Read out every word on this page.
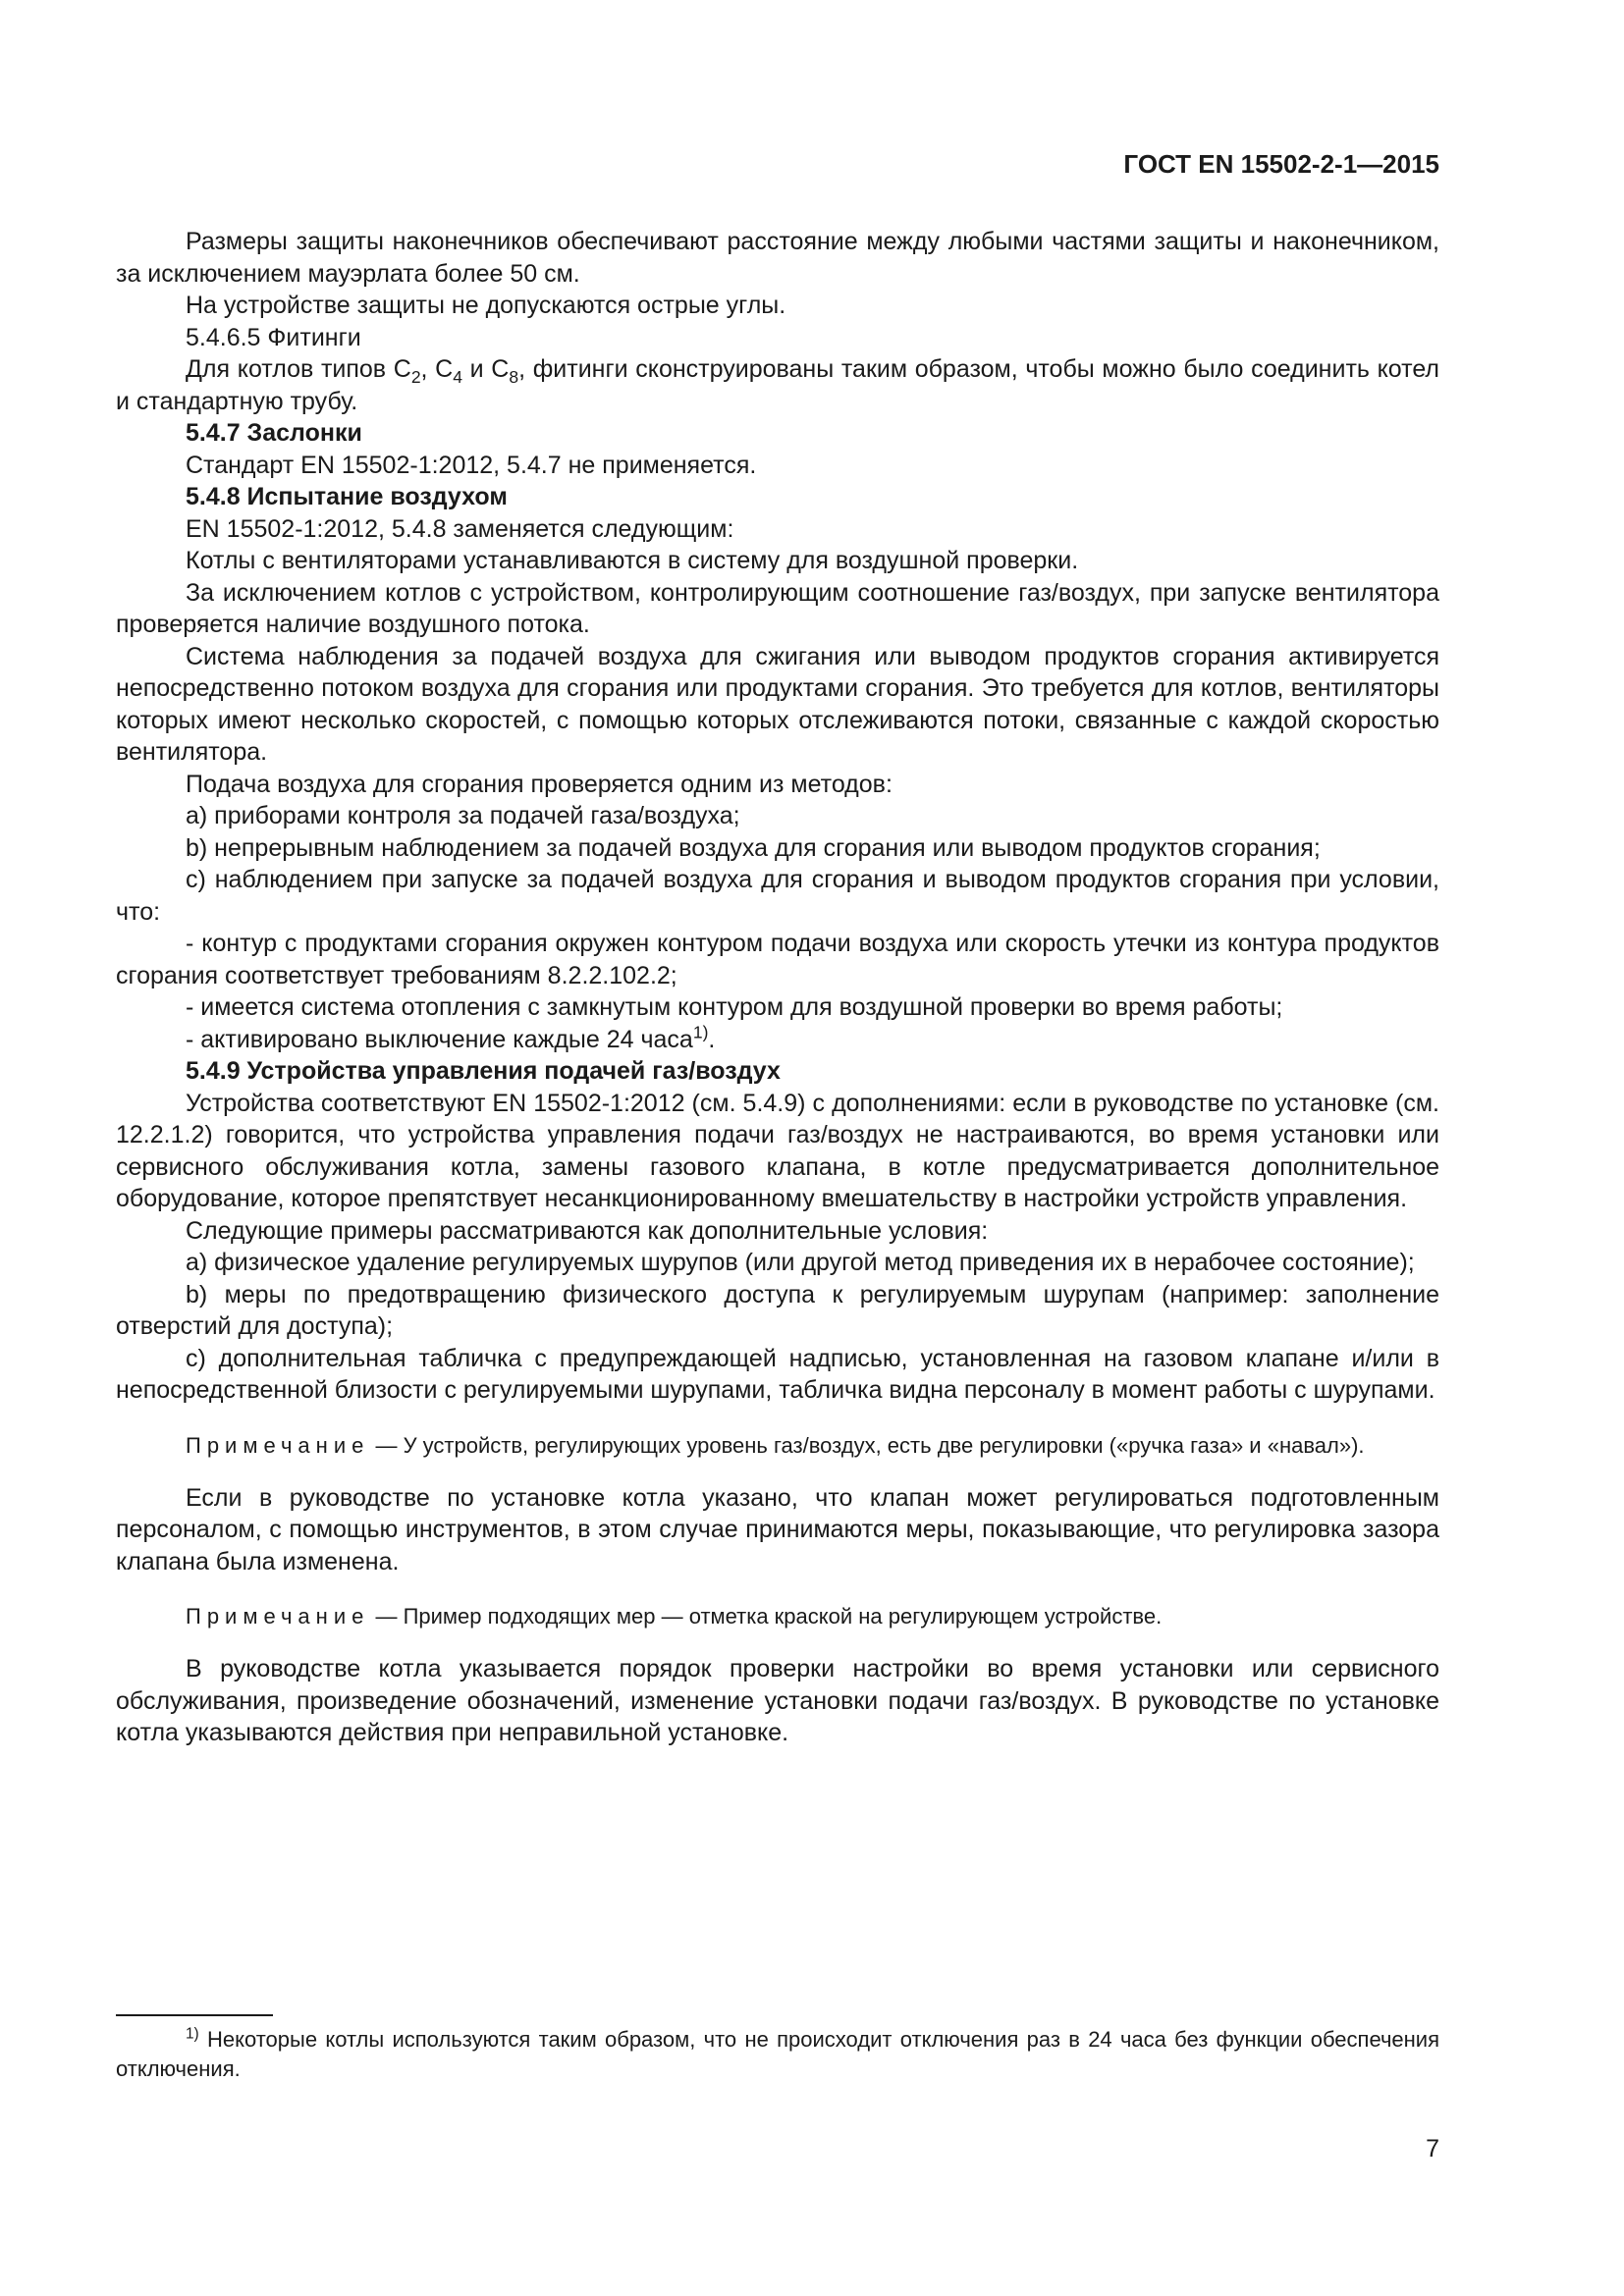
ГОСТ EN 15502-2-1—2015

Размеры защиты наконечников обеспечивают расстояние между любыми частями защиты и наконечником, за исключением мауэрлата более 50 см.

На устройстве защиты не допускаются острые углы.

5.4.6.5 Фитинги

Для котлов типов $C_2$, $C_4$ и $C_8$, фитинги сконструированы таким образом, чтобы можно было соединить котел и стандартную трубу.

5.4.7 Заслонки

Стандарт EN 15502-1:2012, 5.4.7 не применяется.

5.4.8 Испытание воздухом

EN 15502-1:2012, 5.4.8 заменяется следующим:

Котлы с вентиляторами устанавливаются в систему для воздушной проверки.

За исключением котлов с устройством, контролирующим соотношение газ/воздух, при запуске вентилятора проверяется наличие воздушного потока.

Система наблюдения за подачей воздуха для сжигания или выводом продуктов сгорания активируется непосредственно потоком воздуха для сгорания или продуктами сгорания. Это требуется для котлов, вентиляторы которых имеют несколько скоростей, с помощью которых отслеживаются потоки, связанные с каждой скоростью вентилятора.

Подача воздуха для сгорания проверяется одним из методов:

a) приборами контроля за подачей газа/воздуха;

b) непрерывным наблюдением за подачей воздуха для сгорания или выводом продуктов сгорания;

c) наблюдением при запуске за подачей воздуха для сгорания и выводом продуктов сгорания при условии, что:

- контур с продуктами сгорания окружен контуром подачи воздуха или скорость утечки из контура продуктов сгорания соответствует требованиям 8.2.2.102.2;

- имеется система отопления с замкнутым контуром для воздушной проверки во время работы;

- активировано выключение каждые 24 часа$^{1)}$.

5.4.9 Устройства управления подачей газ/воздух

Устройства соответствуют EN 15502-1:2012 (см. 5.4.9) с дополнениями: если в руководстве по установке (см. 12.2.1.2) говорится, что устройства управления подачи газ/воздух не настраиваются, во время установки или сервисного обслуживания котла, замены газового клапана, в котле предусматривается дополнительное оборудование, которое препятствует несанкционированному вмешательству в настройки устройств управления.

Следующие примеры рассматриваются как дополнительные условия:

a) физическое удаление регулируемых шурупов (или другой метод приведения их в нерабочее состояние);

b) меры по предотвращению физического доступа к регулируемым шурупам (например: заполнение отверстий для доступа);

c) дополнительная табличка с предупреждающей надписью, установленная на газовом клапане и/или в непосредственной близости с регулируемыми шурупами, табличка видна персоналу в момент работы с шурупами.

Примечание — У устройств, регулирующих уровень газ/воздух, есть две регулировки («ручка газа» и «навал»).

Если в руководстве по установке котла указано, что клапан может регулироваться подготовленным персоналом, с помощью инструментов, в этом случае принимаются меры, показывающие, что регулировка зазора клапана была изменена.

Примечание — Пример подходящих мер — отметка краской на регулирующем устройстве.

В руководстве котла указывается порядок проверки настройки во время установки или сервисного обслуживания, произведение обозначений, изменение установки подачи газ/воздух. В руководстве по установке котла указываются действия при неправильной установке.

$^{1)}$ Некоторые котлы используются таким образом, что не происходит отключения раз в 24 часа без функции обеспечения отключения.
7
